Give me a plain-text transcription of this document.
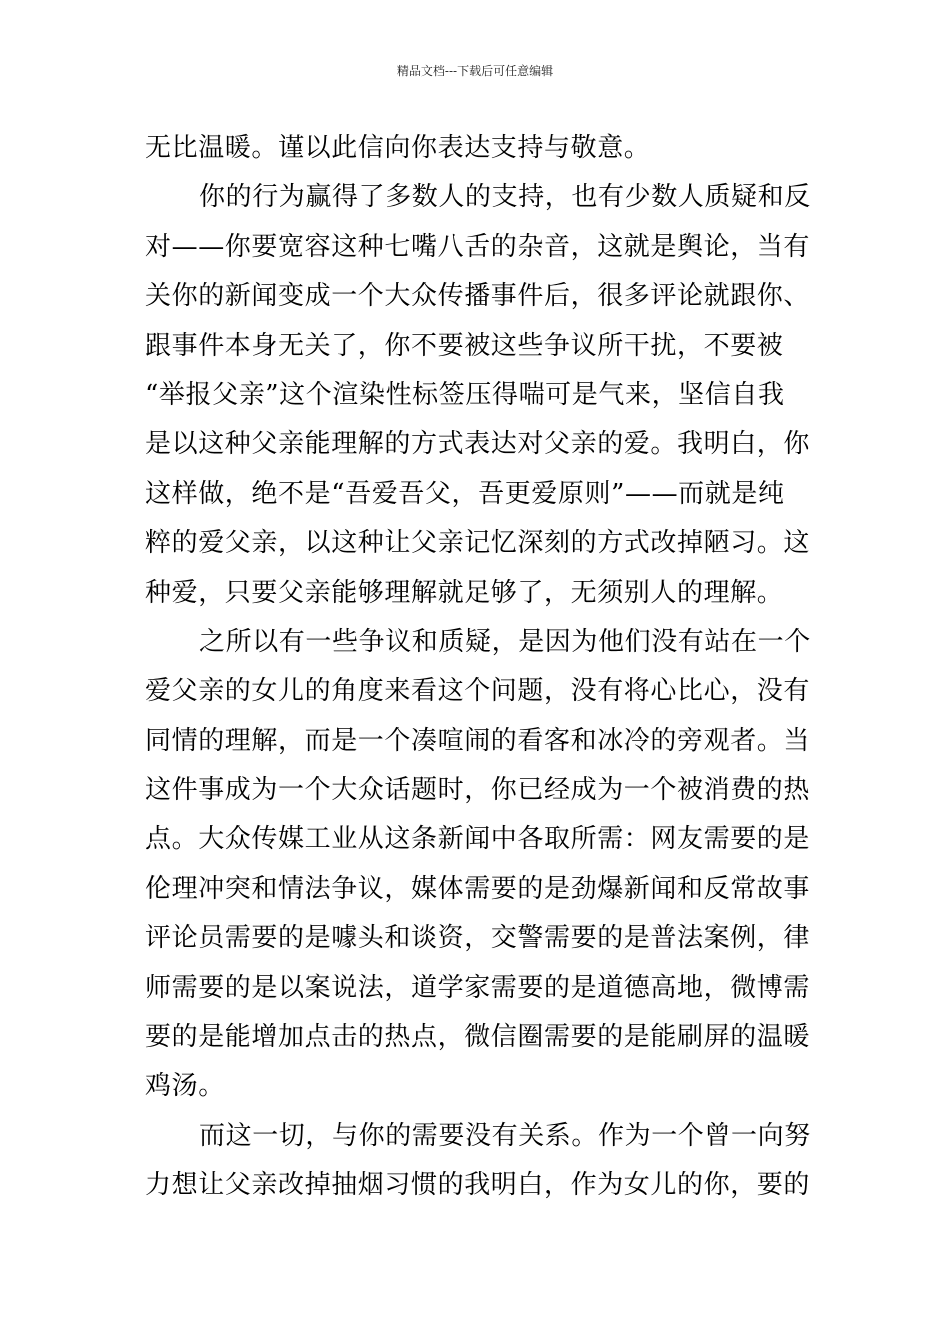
精品文档---下载后可任意编辑
无比温暖。谨以此信向你表达支持与敬意。
你的行为赢得了多数人的支持，也有少数人质疑和反
对——你要宽容这种七嘴八舌的杂音，这就是舆论，当有
关你的新闻变成一个大众传播事件后，很多评论就跟你、
跟事件本身无关了，你不要被这些争议所干扰，不要被
“举报父亲”这个渲染性标签压得喘可是气来，坚信自我
是以这种父亲能理解的方式表达对父亲的爱。我明白，你
这样做，绝不是“吾爱吾父，吾更爱原则”——而就是纯
粹的爱父亲，以这种让父亲记忆深刻的方式改掉陋习。这
种爱，只要父亲能够理解就足够了，无须别人的理解。
之所以有一些争议和质疑，是因为他们没有站在一个
爱父亲的女儿的角度来看这个问题，没有将心比心，没有
同情的理解，而是一个凑喧闹的看客和冰冷的旁观者。当
这件事成为一个大众话题时，你已经成为一个被消费的热
点。大众传媒工业从这条新闻中各取所需：网友需要的是
伦理冲突和情法争议，媒体需要的是劲爆新闻和反常故事
评论员需要的是噱头和谈资，交警需要的是普法案例，律
师需要的是以案说法，道学家需要的是道德高地，微博需
要的是能增加点击的热点，微信圈需要的是能刷屏的温暖
鸡汤。
而这一切，与你的需要没有关系。作为一个曾一向努
力想让父亲改掉抽烟习惯的我明白，作为女儿的你，要的
